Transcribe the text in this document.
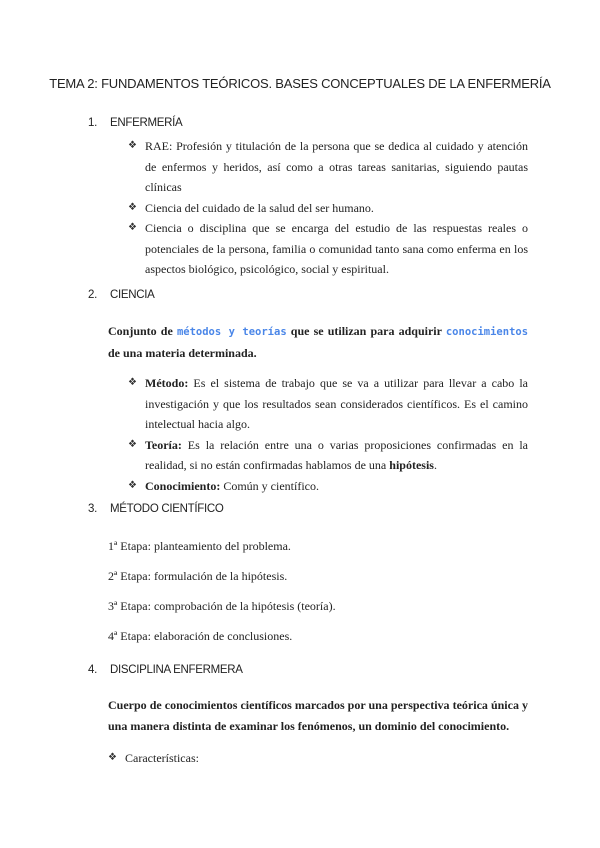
TEMA 2: FUNDAMENTOS TEÓRICOS. BASES CONCEPTUALES DE LA ENFERMERÍA
1. ENFERMERÍA
❖ RAE: Profesión y titulación de la persona que se dedica al cuidado y atención de enfermos y heridos, así como a otras tareas sanitarias, siguiendo pautas clínicas
❖ Ciencia del cuidado de la salud del ser humano.
❖ Ciencia o disciplina que se encarga del estudio de las respuestas reales o potenciales de la persona, familia o comunidad tanto sana como enferma en los aspectos biológico, psicológico, social y espiritual.
2. CIENCIA
Conjunto de métodos y teorías que se utilizan para adquirir conocimientos de una materia determinada.
❖ Método: Es el sistema de trabajo que se va a utilizar para llevar a cabo la investigación y que los resultados sean considerados científicos. Es el camino intelectual hacia algo.
❖ Teoría: Es la relación entre una o varias proposiciones confirmadas en la realidad, si no están confirmadas hablamos de una hipótesis.
❖ Conocimiento: Común y científico.
3. MÉTODO CIENTÍFICO
1ª Etapa: planteamiento del problema.
2ª Etapa: formulación de la hipótesis.
3ª Etapa: comprobación de la hipótesis (teoría).
4ª Etapa: elaboración de conclusiones.
4. DISCIPLINA ENFERMERA
Cuerpo de conocimientos científicos marcados por una perspectiva teórica única y una manera distinta de examinar los fenómenos, un dominio del conocimiento.
❖ Características:
